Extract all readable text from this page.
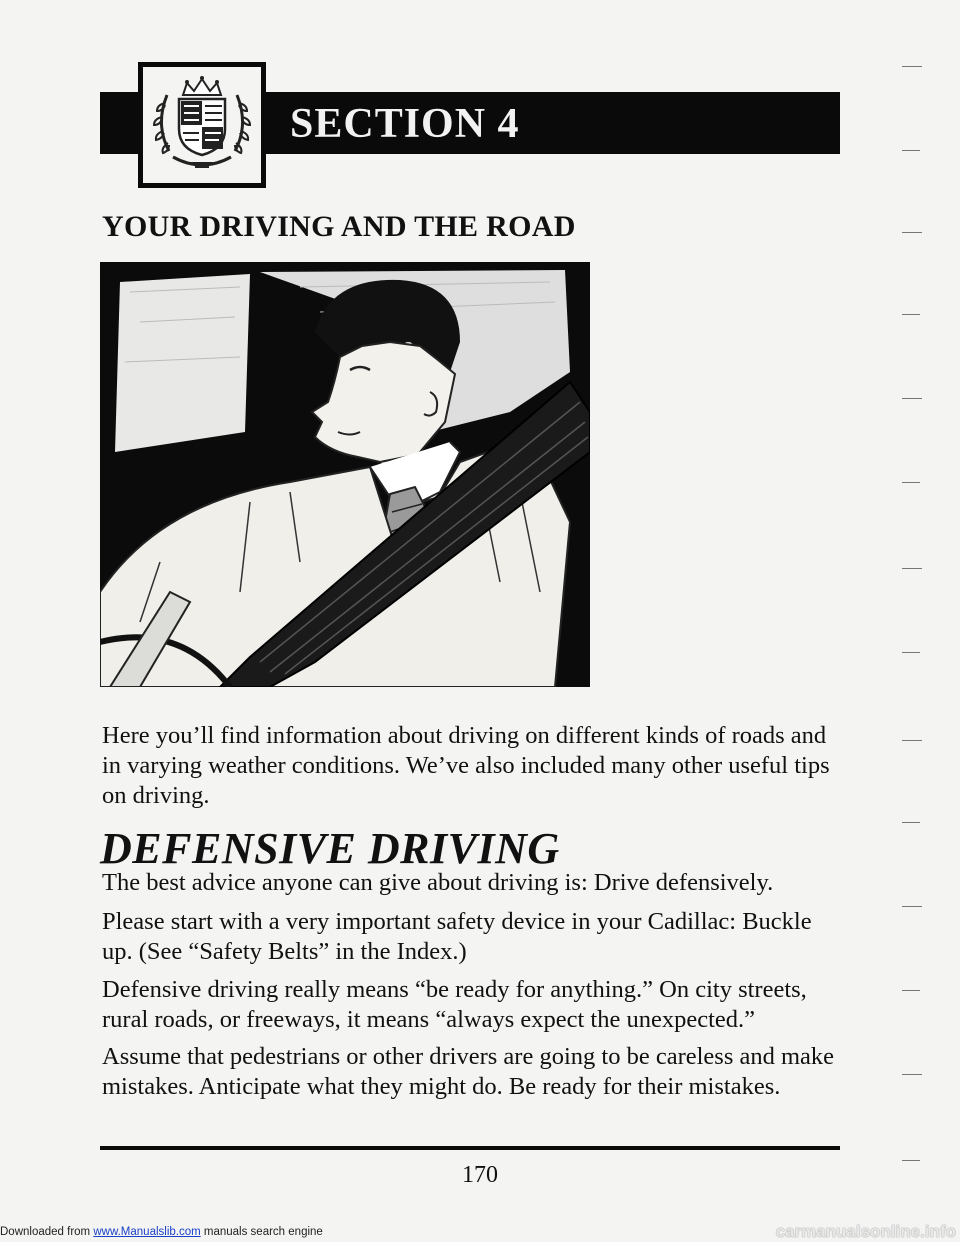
SECTION 4
YOUR DRIVING AND THE ROAD
Here you’ll find information about driving on different kinds of roads and in varying weather conditions. We’ve also included many other useful tips on driving.
DEFENSIVE DRIVING
The best advice anyone can give about driving is: Drive defensively.
Please start with a very important safety device in your Cadillac: Buckle up. (See “Safety Belts” in the Index.)
Defensive driving really means “be ready for anything.” On city streets, rural roads, or freeways, it means “always expect the unexpected.”
Assume that pedestrians or other drivers are going to be careless and make mistakes. Anticipate what they might do. Be ready for their mistakes.
170
Downloaded from www.Manualslib.com manuals search engine	carmanualsonline.info
